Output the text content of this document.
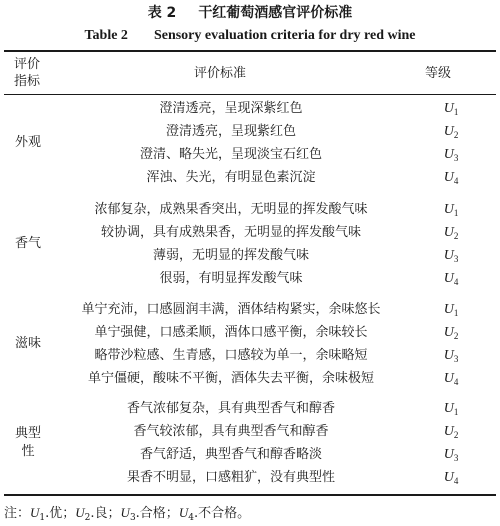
表 2 干红葡萄酒感官评价标准
Table 2 Sensory evaluation criteria for dry red wine
评价
指标
评价标准	等级
外观
澄清透亮，呈现深紫红色	$U_1$
澄清透亮，呈现紫红色	$U_2$
澄清、略失光，呈现淡宝石红色	$U_3$
浑浊、失光，有明显色素沉淀	$U_4$
香气
浓郁复杂，成熟果香突出，无明显的挥发酸气味	$U_1$
较协调，具有成熟果香，无明显的挥发酸气味	$U_2$
薄弱，无明显的挥发酸气味	$U_3$
很弱，有明显挥发酸气味	$U_4$
滋味
单宁充沛，口感圆润丰满，酒体结构紧实，余味悠长	$U_1$
单宁强健，口感柔顺，酒体口感平衡，余味较长	$U_2$
略带沙粒感、生青感，口感较为单一，余味略短	$U_3$
单宁僵硬，酸味不平衡，酒体失去平衡，余味极短	$U_4$
典型
性
香气浓郁复杂，具有典型香气和醇香	$U_1$
香气较浓郁，具有典型香气和醇香	$U_2$
香气舒适，典型香气和醇香略淡	$U_3$
果香不明显，口感粗犷，没有典型性	$U_4$
注：$U_1$.优；$U_2$.良；$U_3$.合格；$U_4$.不合格。
